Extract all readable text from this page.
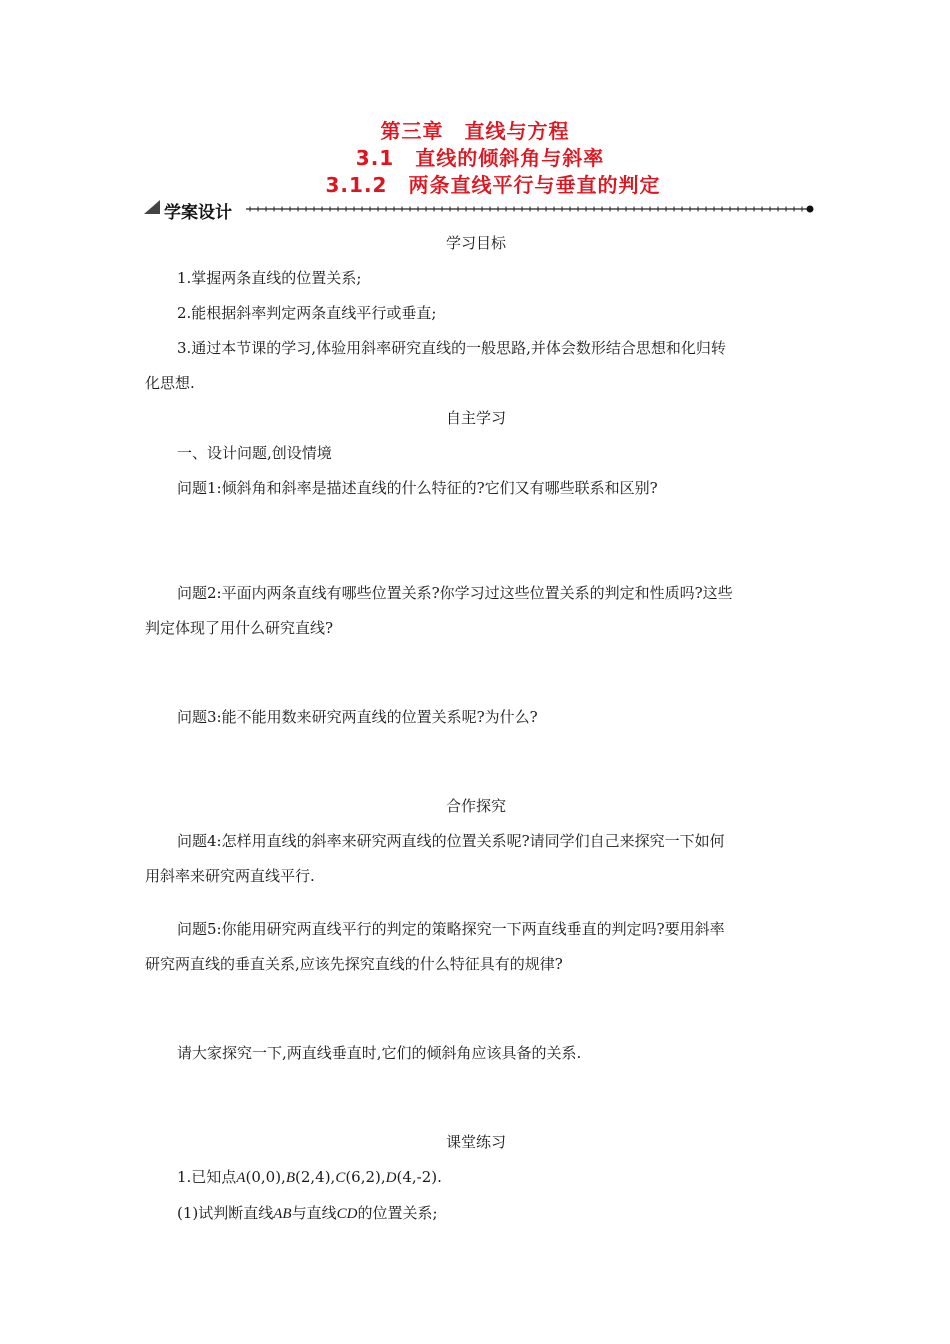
第三章　直线与方程
3.1　直线的倾斜角与斜率
3.1.2　两条直线平行与垂直的判定
学案设计

学习目标

1.掌握两条直线的位置关系;

2.能根据斜率判定两条直线平行或垂直;

3.通过本节课的学习,体验用斜率研究直线的一般思路,并体会数形结合思想和化归转

化思想.

自主学习

一、设计问题,创设情境

问题1:倾斜角和斜率是描述直线的什么特征的?它们又有哪些联系和区别?

问题2:平面内两条直线有哪些位置关系?你学习过这些位置关系的判定和性质吗?这些

判定体现了用什么研究直线?

问题3:能不能用数来研究两直线的位置关系呢?为什么?

合作探究

问题4:怎样用直线的斜率来研究两直线的位置关系呢?请同学们自己来探究一下如何

用斜率来研究两直线平行.

问题5:你能用研究两直线平行的判定的策略探究一下两直线垂直的判定吗?要用斜率

研究两直线的垂直关系,应该先探究直线的什么特征具有的规律?

请大家探究一下,两直线垂直时,它们的倾斜角应该具备的关系.

课堂练习

1.已知点A(0,0),B(2,4),C(6,2),D(4,-2).

(1)试判断直线AB与直线CD的位置关系;
